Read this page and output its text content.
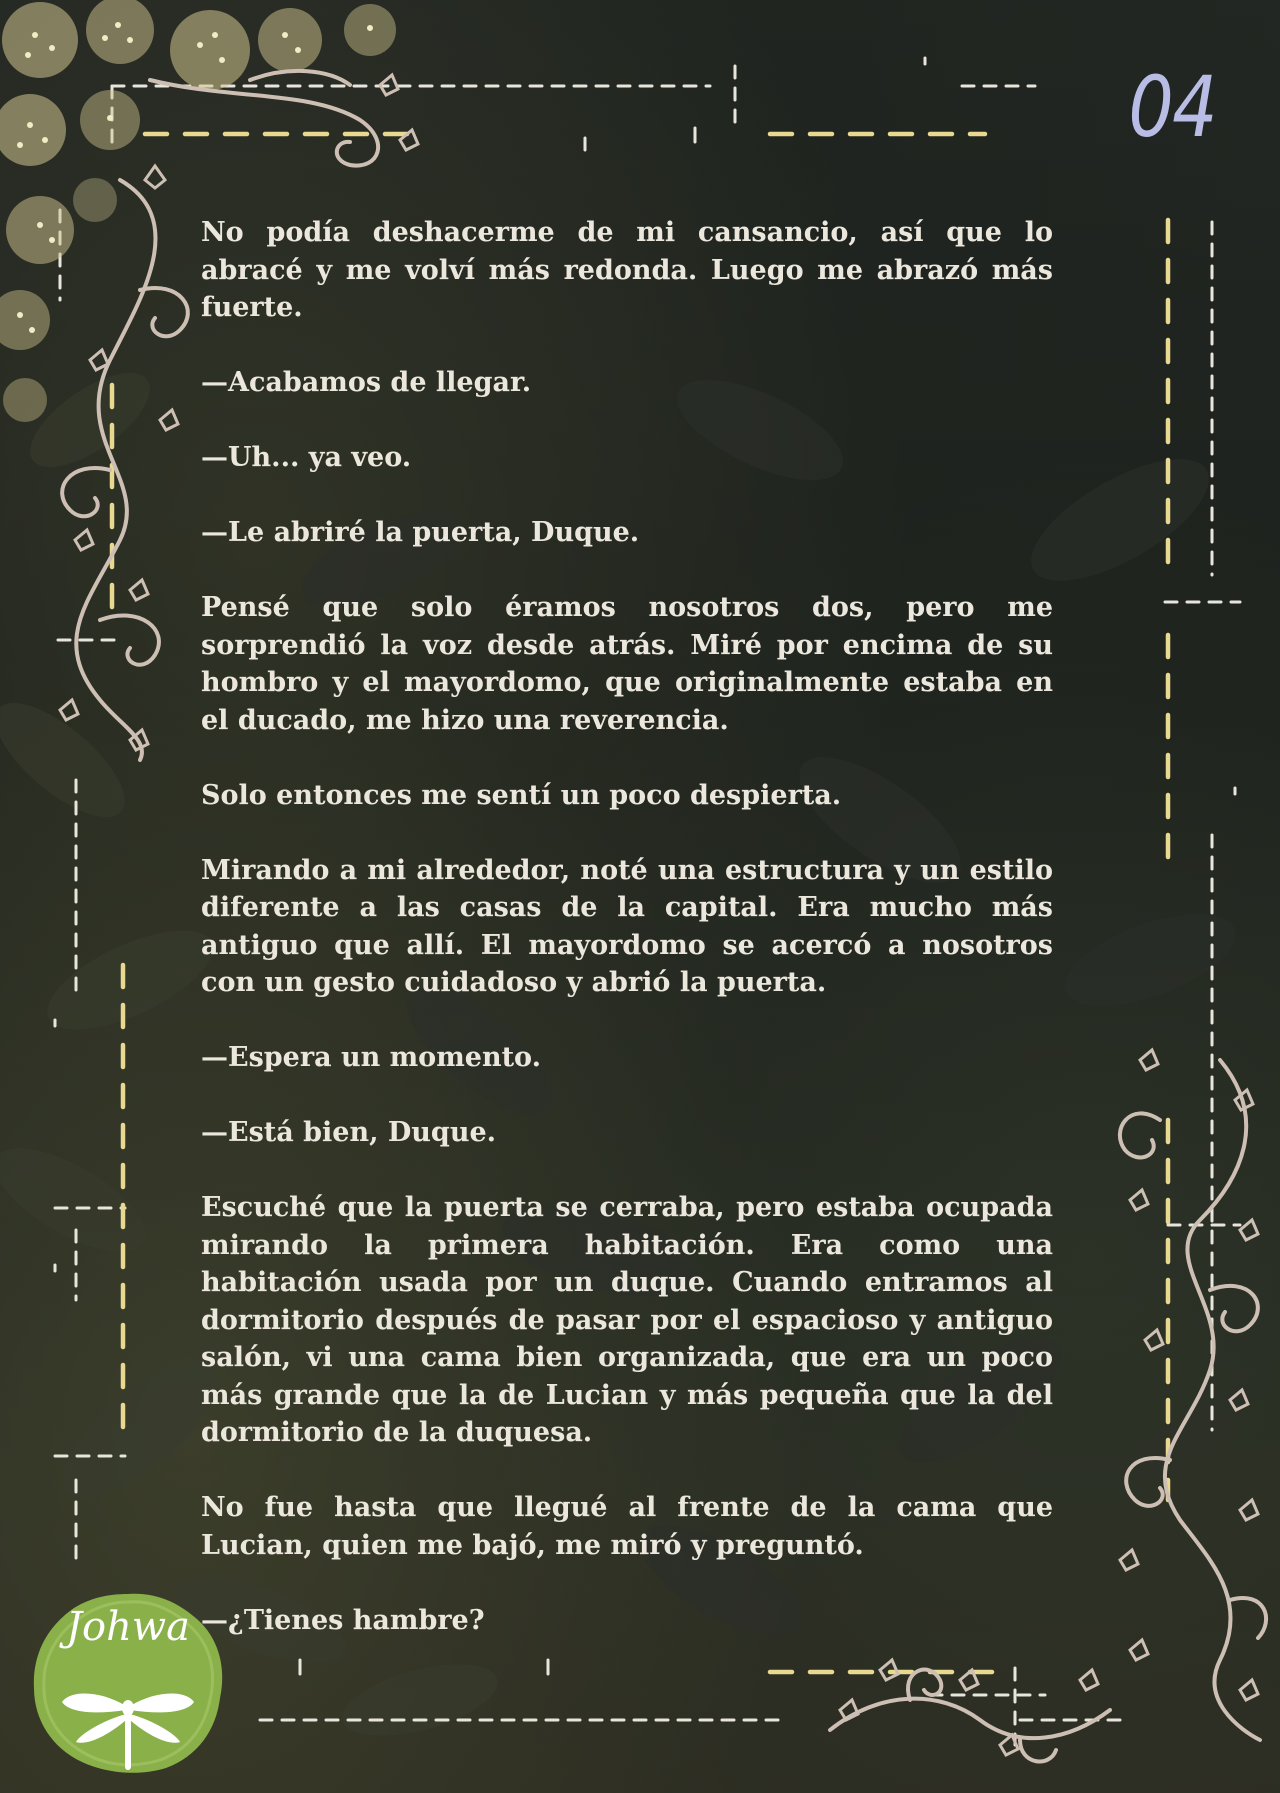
04

No podía deshacerme de mi cansancio, así que lo abracé y me volví más redonda. Luego me abrazó más fuerte.

—Acabamos de llegar.

—Uh... ya veo.

—Le abriré la puerta, Duque.

Pensé que solo éramos nosotros dos, pero me sorprendió la voz desde atrás. Miré por encima de su hombro y el mayordomo, que originalmente estaba en el ducado, me hizo una reverencia.

Solo entonces me sentí un poco despierta.

Mirando a mi alrededor, noté una estructura y un estilo diferente a las casas de la capital. Era mucho más antiguo que allí. El mayordomo se acercó a nosotros con un gesto cuidadoso y abrió la puerta.

—Espera un momento.

—Está bien, Duque.

Escuché que la puerta se cerraba, pero estaba ocupada mirando la primera habitación. Era como una habitación usada por un duque. Cuando entramos al dormitorio después de pasar por el espacioso y antiguo salón, vi una cama bien organizada, que era un poco más grande que la de Lucian y más pequeña que la del dormitorio de la duquesa.

No fue hasta que llegué al frente de la cama que Lucian, quien me bajó, me miró y preguntó.

—¿Tienes hambre?

Johwa
